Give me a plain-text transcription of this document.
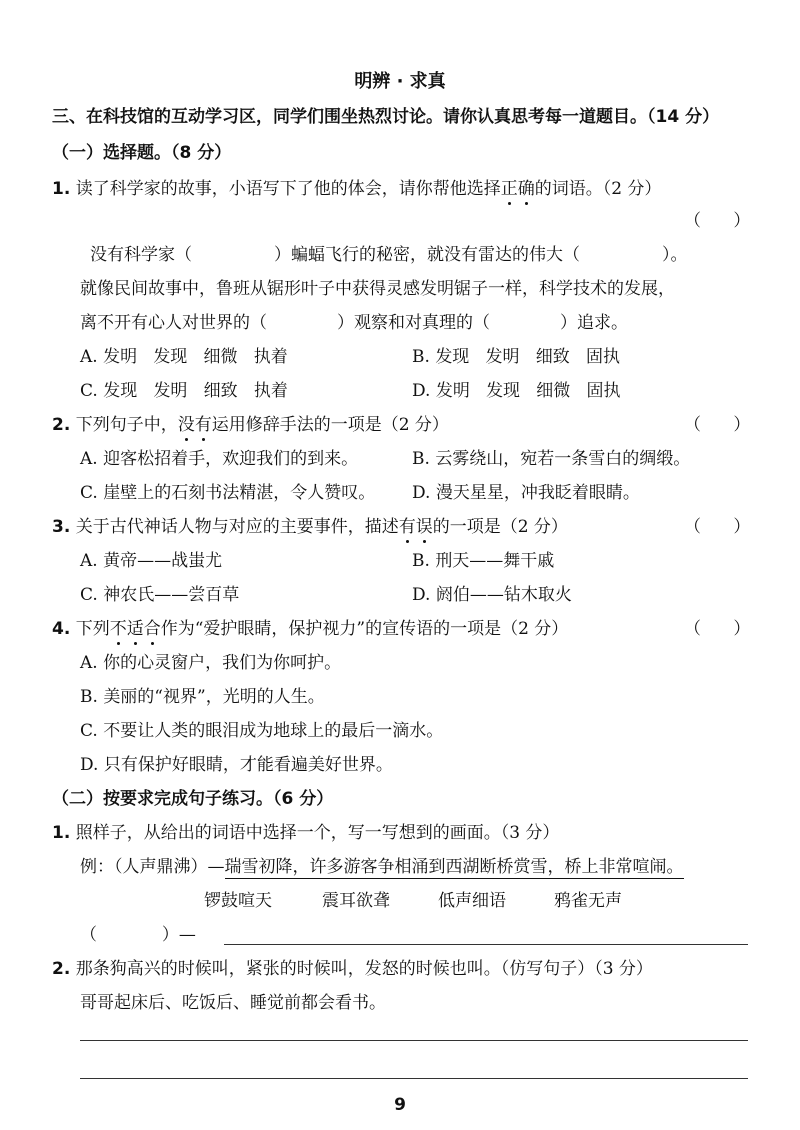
明辨 · 求真
三、在科技馆的互动学习区，同学们围坐热烈讨论。请你认真思考每一道题目。（14 分）
（一）选择题。（8 分）
1. 读了科学家的故事，小语写下了他的体会，请你帮他选择正确的词语。（2 分）
（      ）
没有科学家（	）蝙蝠飞行的秘密，就没有雷达的伟大（	）。
就像民间故事中，鲁班从锯形叶子中获得灵感发明锯子一样，科学技术的发展，
离不开有心人对世界的（	）观察和对真理的（	）追求。
A. 发明 发现 细微 执着	B. 发现 发明 细致 固执
C. 发现 发明 细致 执着	D. 发明 发现 细微 固执
2. 下列句子中，没有运用修辞手法的一项是（2 分）	（      ）
A. 迎客松招着手，欢迎我们的到来。	B. 云雾绕山，宛若一条雪白的绸缎。
C. 崖壁上的石刻书法精湛，令人赞叹。 D. 漫天星星，冲我眨着眼睛。
3. 关于古代神话人物与对应的主要事件，描述有误的一项是（2 分）	（      ）
A. 黄帝——战蚩尤	B. 刑天——舞干戚
C. 神农氏——尝百草	D. 阏伯——钻木取火
4. 下列不适合作为“爱护眼睛，保护视力”的宣传语的一项是（2 分）	（      ）
A. 你的心灵窗户，我们为你呵护。
B. 美丽的“视界”，光明的人生。
C. 不要让人类的眼泪成为地球上的最后一滴水。
D. 只有保护好眼睛，才能看遍美好世界。
（二）按要求完成句子练习。（6 分）
1. 照样子，从给出的词语中选择一个，写一写想到的画面。（3 分）
例：（人声鼎沸）—瑞雪初降，许多游客争相涌到西湖断桥赏雪，桥上非常喧闹。
锣鼓喧天	震耳欲聋	低声细语	鸦雀无声
（            ）—
2. 那条狗高兴的时候叫，紧张的时候叫，发怒的时候也叫。（仿写句子）（3 分）
哥哥起床后、吃饭后、睡觉前都会看书。
9
